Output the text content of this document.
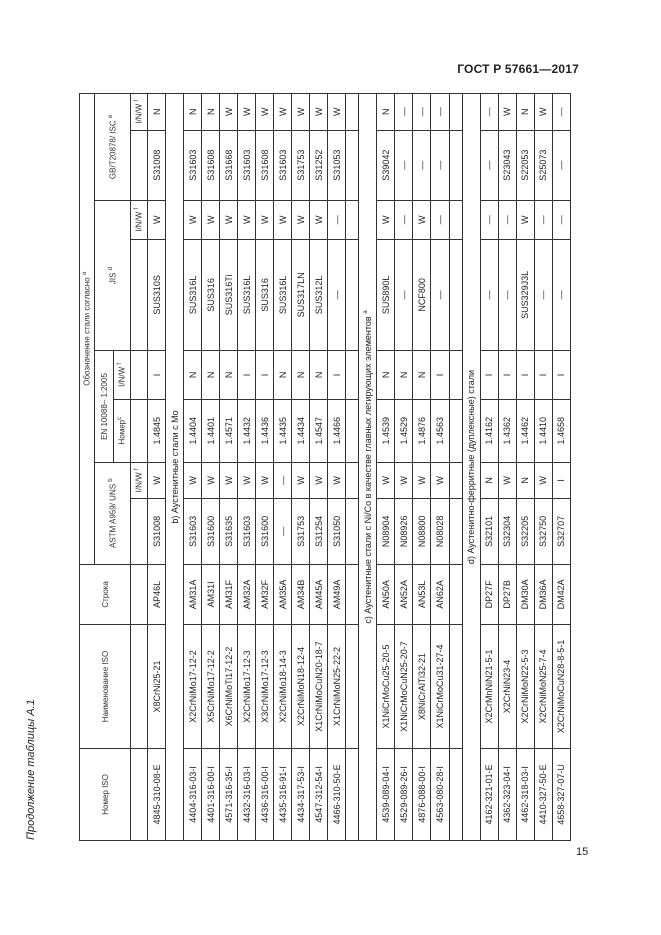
ГОСТ Р 57661—2017
Продолжение таблицы А.1	Номер ISO	Наименование ISO	Строка	Обозначение стали согласно $^a$
			ASTM A959/ UNS $^b$		EN 10088– 1:2005		JIS $^d$		GB/T20878/ ISC $^e$
					Номер$^c$	I/N/W $^f$
				I/N/W $^f$				I/N/W $^f$		I/N/W $^f$
4845-310-08-E	X8CrNi25-21	AP46L	S31008	W	1.4845	I	SUS310S	W	S31008	N
b) Аустенитные стали с Mo										
4404-316-03-I	X2CrNiMo17-12-2	AM31A	S31603	W	1.4404	N	SUS316L	W	S31603	N
4401-316-00-I	X5CrNiMo17-12-2	AM31I	S31600	W	1.4401	N	SUS316	W	S31608	N
4571-316-35-I	X6CrNiMoTi17-12-2	AM31F	S31635	W	1.4571	N	SUS316Ti	W	S31668	W
4432-316-03-I	X2CrNiMo17-12-3	AM32A	S31603	W	1.4432	I	SUS316L	W	S31603	W
4436-316-00-I	X3CrNiMo17-12-3	AM32F	S31600	W	1.4436	I	SUS316	W	S31608	W
4435-316-91-I	X2CrNiMo18-14-3	AM35A	—	—	1.4435	N	SUS316L	W	S31603	W
4434-317-53-I	X2CrNiMoN18-12-4	AM34B	S31753	W	1.4434	N	SUS317LN	W	S31753	W
4547-312-54-I	X1CrNiMoCuN20-18-7	AM45A	S31254	W	1.4547	N	SUS312L	W	S31252	W
4466-310-50-E	X1CrNiMoN25-22-2	AM49A	S31050	W	1.4466	I	—	—	S31053	W

c) Аустенитные стали с Ni/Co в качестве главных легирующих элементов $^a$
4539-089-04-I	X1NiCrMoCu25-20-5	AN50A	N08904	W	1.4539	N	SUS890L	W	S39042	N
4529-089-26-I	X1NiCrMoCuN25-20-7	AN52A	N08926	W	1.4529	N	—	—	—	—
4876-088-00-I	X8NiCrAlTi32-21	AN53L	N08800	W	1.4876	N	NCF800	W	—	—
4563-080-28-I	X1NiCrMoCu31-27-4	AN62A	N08028	W	1.4563	I	—	—	—	—

d) Аустенитно-ферритные (дуплексные) стали										
4162-321-01-E	X2CrMnNiN21-5-1	DP27F	S32101	N	1.4162	I	—	—	—	—
4362-323-04-I	X2CrNiN23-4	DP27B	S32304	W	1.4362	I	—	—	S23043	W
4462-318-03-I	X2CrNiMoN22-5-3	DM30A	S32205	N	1.4462	I	SUS329J3L	W	S22053	N
4410-327-50-E	X2CrNiMoN25-7-4	DM36A	S32750	W	1.4410	I	—	—	S25073	W
4658-327-07-U	X2CrNiMoCuN28-8-5-1	DM42A	S32707	I	1.4658	I	—	—	—	—
15
